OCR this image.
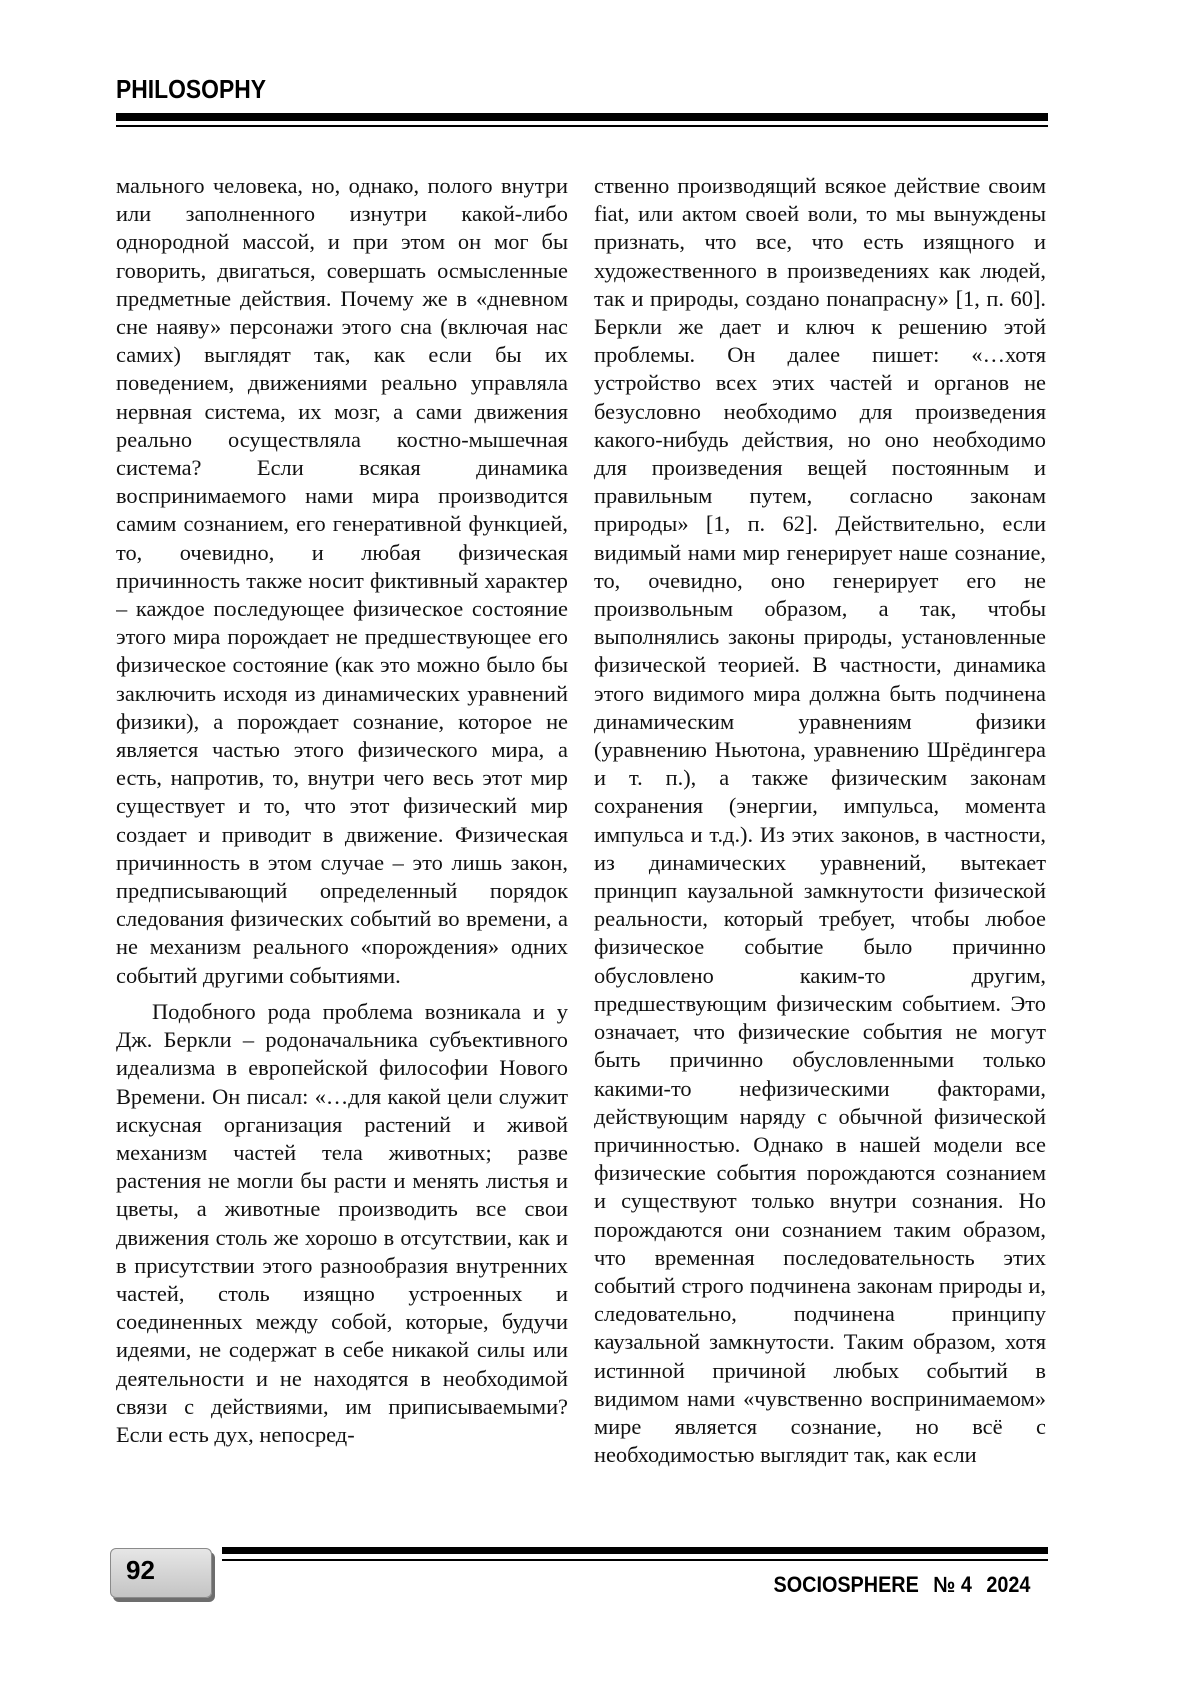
PHILOSOPHY

мального человека, но, однако, полого внутри или заполненного изнутри какой-либо однородной массой, и при этом он мог бы говорить, двигаться, совершать осмысленные предметные действия. Почему же в «дневном сне наяву» персонажи этого сна (включая нас самих) выглядят так, как если бы их поведением, движениями реально управляла нервная система, их мозг, а сами движения реально осуществляла костно-мышечная система? Если всякая динамика воспринимаемого нами мира производится самим сознанием, его генеративной функцией, то, очевидно, и любая физическая причинность также носит фиктивный характер – каждое последующее физическое состояние этого мира порождает не предшествующее его физическое состояние (как это можно было бы заключить исходя из динамических уравнений физики), а порождает сознание, которое не является частью этого физического мира, а есть, напротив, то, внутри чего весь этот мир существует и то, что этот физический мир создает и приводит в движение. Физическая причинность в этом случае – это лишь закон, предписывающий определенный порядок следования физических событий во времени, а не механизм реального «порождения» одних событий другими событиями.

Подобного рода проблема возникала и у Дж. Беркли – родоначальника субъективного идеализма в европейской философии Нового Времени. Он писал: «…для какой цели служит искусная организация растений и живой механизм частей тела животных; разве растения не могли бы расти и менять листья и цветы, а животные производить все свои движения столь же хорошо в отсутствии, как и в присутствии этого разнообразия внутренних частей, столь изящно устроенных и соединенных между собой, которые, будучи идеями, не содержат в себе никакой силы или деятельности и не находятся в необходимой связи с действиями, им приписываемыми? Если есть дух, непосред-

ственно производящий всякое действие своим fiat, или актом своей воли, то мы вынуждены признать, что все, что есть изящного и художественного в произведениях как людей, так и природы, создано понапрасну» [1, п. 60]. Беркли же дает и ключ к решению этой проблемы. Он далее пишет: «…хотя устройство всех этих частей и органов не безусловно необходимо для произведения какого-нибудь действия, но оно необходимо для произведения вещей постоянным и правильным путем, согласно законам природы» [1, п. 62]. Действительно, если видимый нами мир генерирует наше сознание, то, очевидно, оно генерирует его не произвольным образом, а так, чтобы выполнялись законы природы, установленные физической теорией. В частности, динамика этого видимого мира должна быть подчинена динамическим уравнениям физики (уравнению Ньютона, уравнению Шрёдингера и т. п.), а также физическим законам сохранения (энергии, импульса, момента импульса и т.д.). Из этих законов, в частности, из динамических уравнений, вытекает принцип каузальной замкнутости физической реальности, который требует, чтобы любое физическое событие было причинно обусловлено каким-то другим, предшествующим физическим событием. Это означает, что физические события не могут быть причинно обусловленными только какими-то нефизическими факторами, действующим наряду с обычной физической причинностью. Однако в нашей модели все физические события порождаются сознанием и существуют только внутри сознания. Но порождаются они сознанием таким образом, что временная последовательность этих событий строго подчинена законам природы и, следовательно, подчинена принципу каузальной замкнутости. Таким образом, хотя истинной причиной любых событий в видимом нами «чувственно воспринимаемом» мире является сознание, но всё с необходимостью выглядит так, как если

92	SOCIOSPHERE № 4 2024
